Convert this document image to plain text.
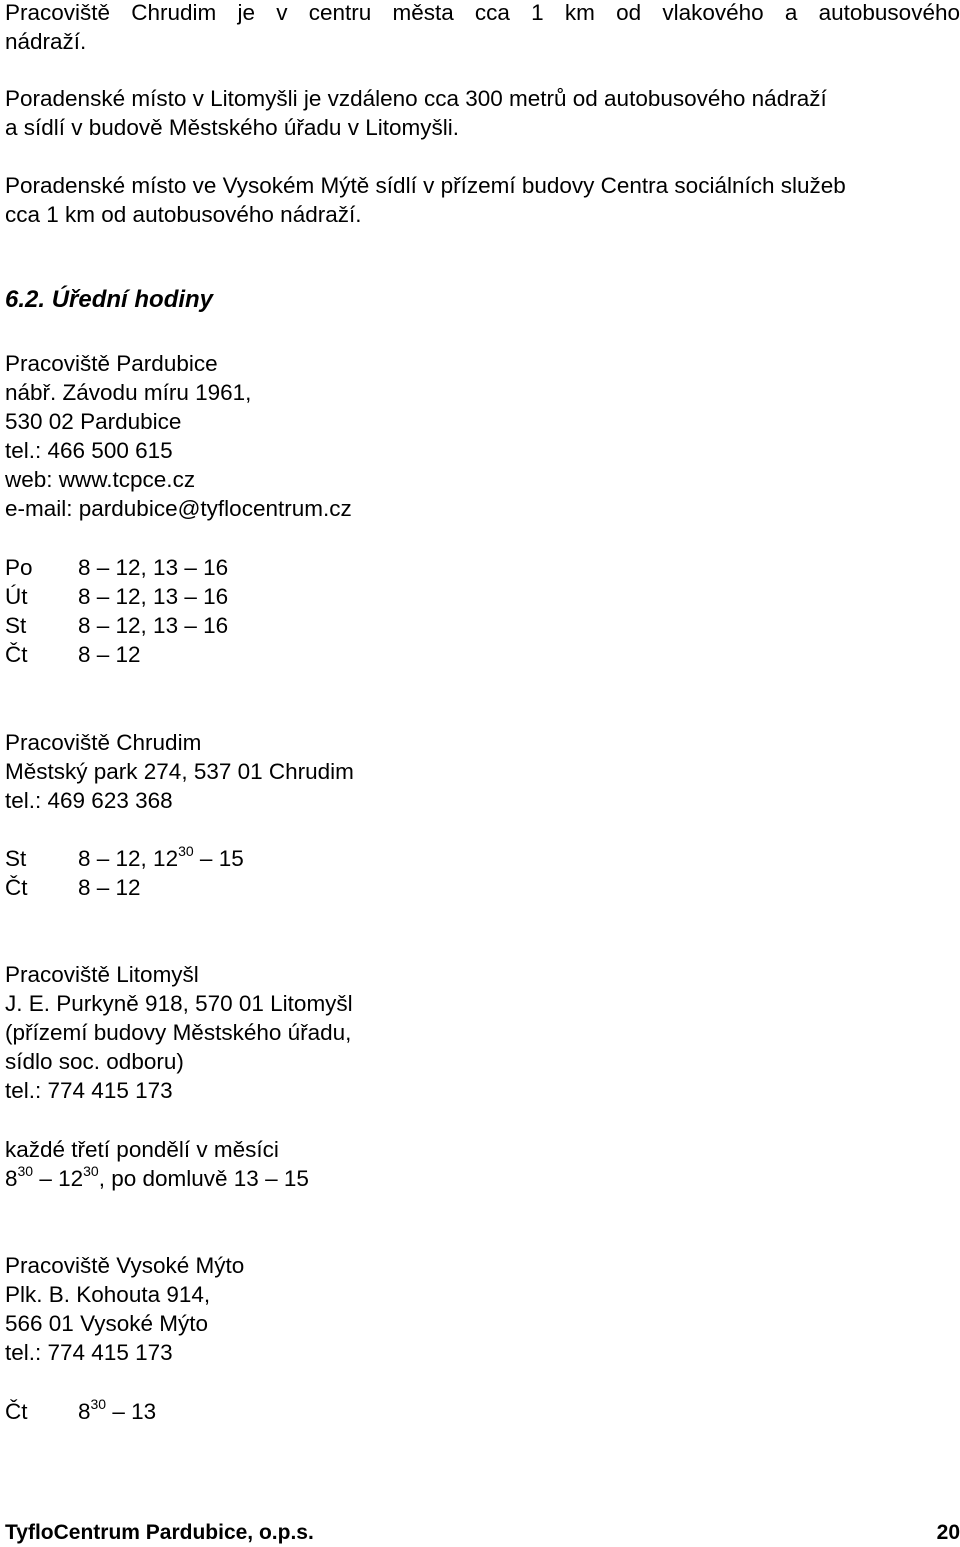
Pracoviště Chrudim je v centru města cca 1 km od vlakového a autobusového
nádraží.
Poradenské místo v Litomyšli je vzdáleno cca 300 metrů od autobusového nádraží
a sídlí v budově Městského úřadu v Litomyšli.
Poradenské místo ve Vysokém Mýtě sídlí v přízemí budovy Centra sociálních služeb
cca 1 km od autobusového nádraží.
6.2. Úřední hodiny
Pracoviště Pardubice
nábř. Závodu míru 1961,
530 02 Pardubice
tel.: 466 500 615
web: www.tcpce.cz
e-mail: pardubice@tyflocentrum.cz
Po 8 – 12, 13 – 16
Út 8 – 12, 13 – 16
St 8 – 12, 13 – 16
Čt 8 – 12
Pracoviště Chrudim
Městský park 274, 537 01 Chrudim
tel.: 469 623 368
St 8 – 12, $12^{30} - 15$
Čt 8 – 12
Pracoviště Litomyšl
J. E. Purkyně 918, 570 01 Litomyšl
(přízemí budovy Městského úřadu,
sídlo soc. odboru)
tel.: 774 415 173
každé třetí pondělí v měsíci
$8^{30} - 12^{30}$, po domluvě 13 – 15
Pracoviště Vysoké Mýto
Plk. B. Kohouta 914,
566 01 Vysoké Mýto
tel.: 774 415 173
Čt $8^{30} - 13$
TyfloCentrum Pardubice, o.p.s.	20
